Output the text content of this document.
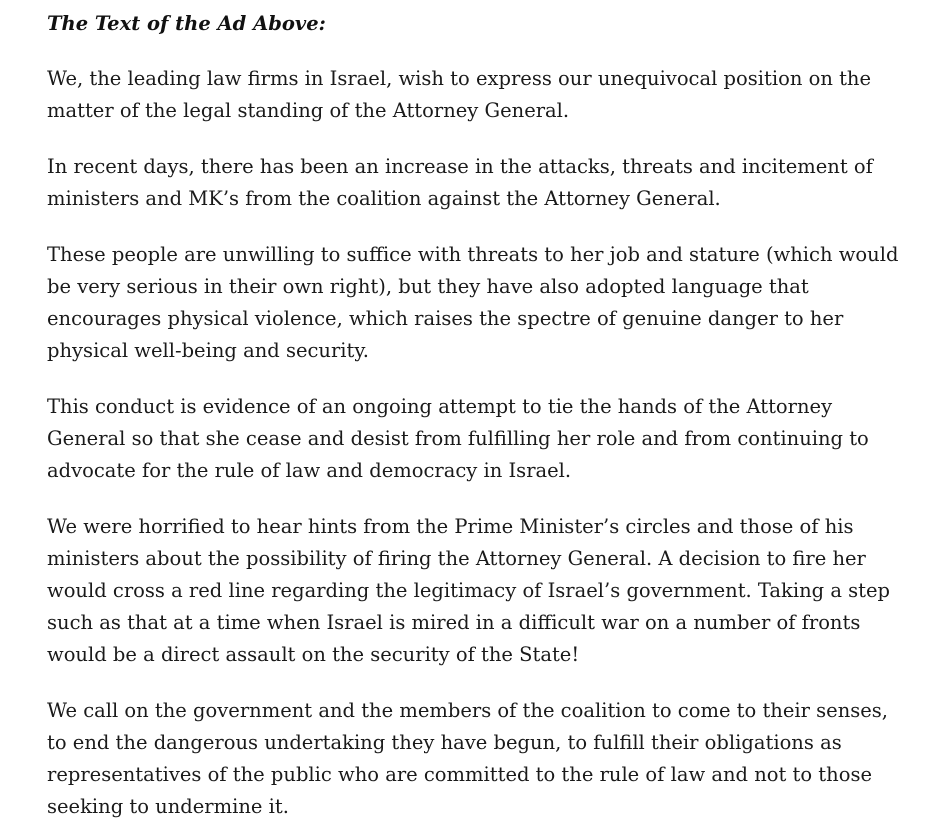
The Text of the Ad Above:

We, the leading law firms in Israel, wish to express our unequivocal position on the matter of the legal standing of the Attorney General.

In recent days, there has been an increase in the attacks, threats and incitement of ministers and MK’s from the coalition against the Attorney General.

These people are unwilling to suffice with threats to her job and stature (which would be very serious in their own right), but they have also adopted language that encourages physical violence, which raises the spectre of genuine danger to her physical well-being and security.

This conduct is evidence of an ongoing attempt to tie the hands of the Attorney General so that she cease and desist from fulfilling her role and from continuing to advocate for the rule of law and democracy in Israel.

We were horrified to hear hints from the Prime Minister’s circles and those of his ministers about the possibility of firing the Attorney General. A decision to fire her would cross a red line regarding the legitimacy of Israel’s government. Taking a step such as that at a time when Israel is mired in a difficult war on a number of fronts would be a direct assault on the security of the State!

We call on the government and the members of the coalition to come to their senses, to end the dangerous undertaking they have begun, to fulfill their obligations as representatives of the public who are committed to the rule of law and not to those seeking to undermine it.
